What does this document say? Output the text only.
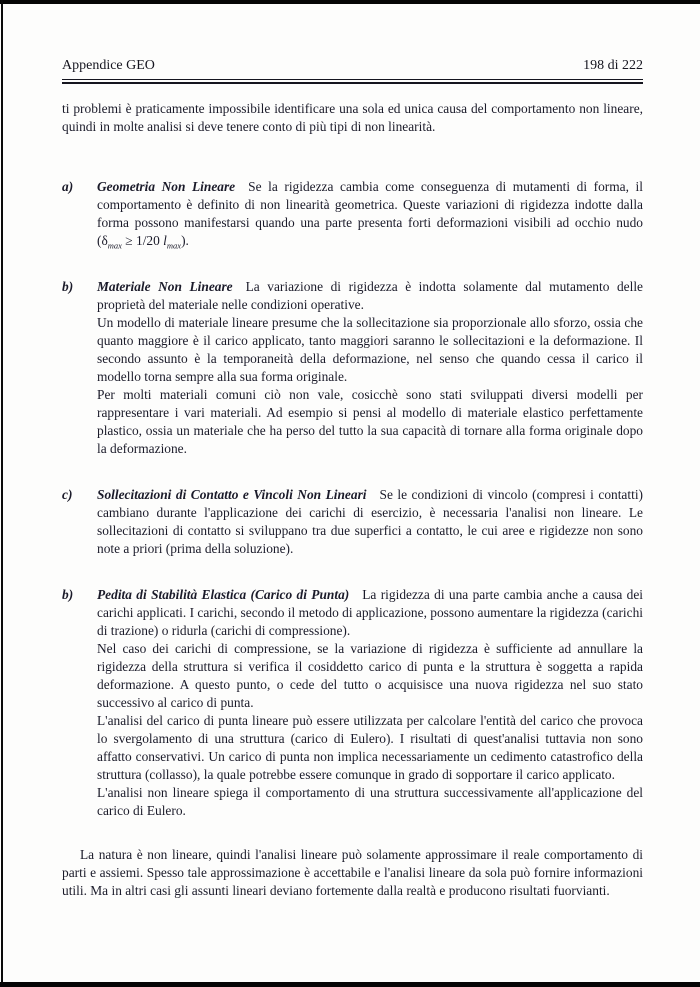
Appendice GEO	198 di 222
ti problemi è praticamente impossibile identificare una sola ed unica causa del comportamento non lineare, quindi in molte analisi si deve tenere conto di più tipi di non linearità.
a)	Geometria Non Lineare Se la rigidezza cambia come conseguenza di mutamenti di forma, il comportamento è definito di non linearità geometrica. Queste variazioni di rigidezza indotte dalla forma possono manifestarsi quando una parte presenta forti deformazioni visibili ad occhio nudo ($\delta_{max} \ge 1/20$ $l_{max}$).
b)	Materiale Non Lineare La variazione di rigidezza è indotta solamente dal mutamento delle proprietà del materiale nelle condizioni operative.
Un modello di materiale lineare presume che la sollecitazione sia proporzionale allo sforzo, ossia che quanto maggiore è il carico applicato, tanto maggiori saranno le sollecitazioni e la deformazione. Il secondo assunto è la temporaneità della deformazione, nel senso che quando cessa il carico il modello torna sempre alla sua forma originale.
Per molti materiali comuni ciò non vale, cosicchè sono stati sviluppati diversi modelli per rappresentare i vari materiali. Ad esempio si pensi al modello di materiale elastico perfettamente plastico, ossia un materiale che ha perso del tutto la sua capacità di tornare alla forma originale dopo la deformazione.
c)	Sollecitazioni di Contatto e Vincoli Non Lineari Se le condizioni di vincolo (compresi i contatti) cambiano durante l'applicazione dei carichi di esercizio, è necessaria l'analisi non lineare. Le sollecitazioni di contatto si sviluppano tra due superfici a contatto, le cui aree e rigidezze non sono note a priori (prima della soluzione).
b)	Pedita di Stabilità Elastica (Carico di Punta) La rigidezza di una parte cambia anche a causa dei carichi applicati. I carichi, secondo il metodo di applicazione, possono aumentare la rigidezza (carichi di trazione) o ridurla (carichi di compressione).
Nel caso dei carichi di compressione, se la variazione di rigidezza è sufficiente ad annullare la rigidezza della struttura si verifica il cosiddetto carico di punta e la struttura è soggetta a rapida deformazione. A questo punto, o cede del tutto o acquisisce una nuova rigidezza nel suo stato successivo al carico di punta.
L'analisi del carico di punta lineare può essere utilizzata per calcolare l'entità del carico che provoca lo svergolamento di una struttura (carico di Eulero). I risultati di quest'analisi tuttavia non sono affatto conservativi. Un carico di punta non implica necessariamente un cedimento catastrofico della struttura (collasso), la quale potrebbe essere comunque in grado di sopportare il carico applicato.
L'analisi non lineare spiega il comportamento di una struttura successivamente all'applicazione del carico di Eulero.
La natura è non lineare, quindi l'analisi lineare può solamente approssimare il reale comportamento di parti e assiemi. Spesso tale approssimazione è accettabile e l'analisi lineare da sola può fornire informazioni utili. Ma in altri casi gli assunti lineari deviano fortemente dalla realtà e producono risultati fuorvianti.
